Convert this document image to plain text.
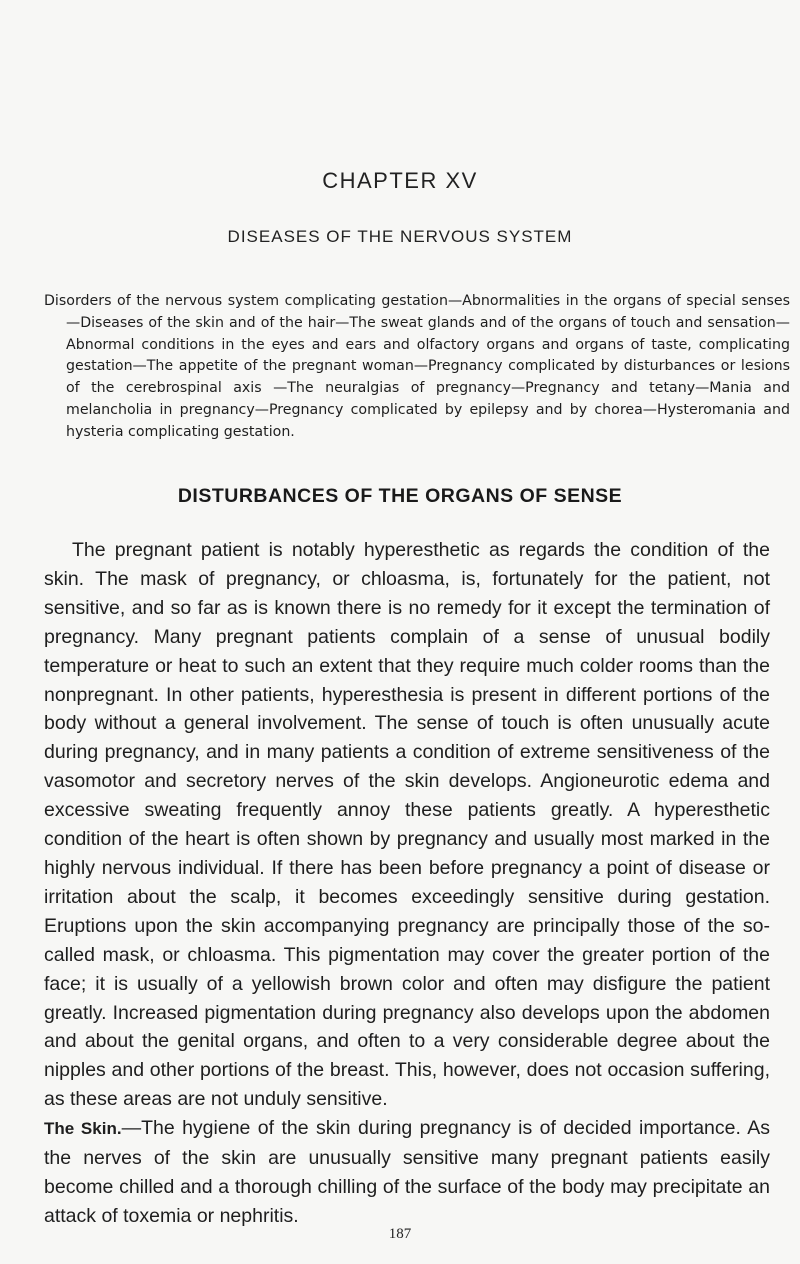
CHAPTER XV
DISEASES OF THE NERVOUS SYSTEM
Disorders of the nervous system complicating gestation—Abnormalities in the organs of special senses—Diseases of the skin and of the hair—The sweat glands and of the organs of touch and sensation—Abnormal conditions in the eyes and ears and olfactory organs and organs of taste, complicating gestation—The appetite of the pregnant woman—Pregnancy complicated by disturbances or lesions of the cerebrospinal axis —The neuralgias of pregnancy—Pregnancy and tetany—Mania and melancholia in pregnancy—Pregnancy complicated by epilepsy and by chorea—Hysteromania and hysteria complicating gestation.
DISTURBANCES OF THE ORGANS OF SENSE

The pregnant patient is notably hyperesthetic as regards the condition of the skin. The mask of pregnancy, or chloasma, is, fortunately for the patient, not sensitive, and so far as is known there is no remedy for it except the termination of pregnancy. Many pregnant patients complain of a sense of unusual bodily temperature or heat to such an extent that they require much colder rooms than the nonpregnant. In other patients, hyperesthesia is present in different portions of the body without a general involvement. The sense of touch is often unusually acute during pregnancy, and in many patients a condition of extreme sensitiveness of the vasomotor and secretory nerves of the skin develops. Angioneurotic edema and excessive sweating frequently annoy these patients greatly. A hyperesthetic condition of the heart is often shown by pregnancy and usually most marked in the highly nervous individual. If there has been before pregnancy a point of disease or irritation about the scalp, it becomes exceedingly sensitive during gestation. Eruptions upon the skin accompanying pregnancy are principally those of the so-called mask, or chloasma. This pigmentation may cover the greater portion of the face; it is usually of a yellowish brown color and often may disfigure the patient greatly. Increased pigmentation during pregnancy also develops upon the abdomen and about the genital organs, and often to a very considerable degree about the nipples and other portions of the breast. This, however, does not occasion suffering, as these areas are not unduly sensitive.

The Skin.—The hygiene of the skin during pregnancy is of decided importance. As the nerves of the skin are unusually sensitive many pregnant patients easily become chilled and a thorough chilling of the surface of the body may precipitate an attack of toxemia or nephritis.

187
